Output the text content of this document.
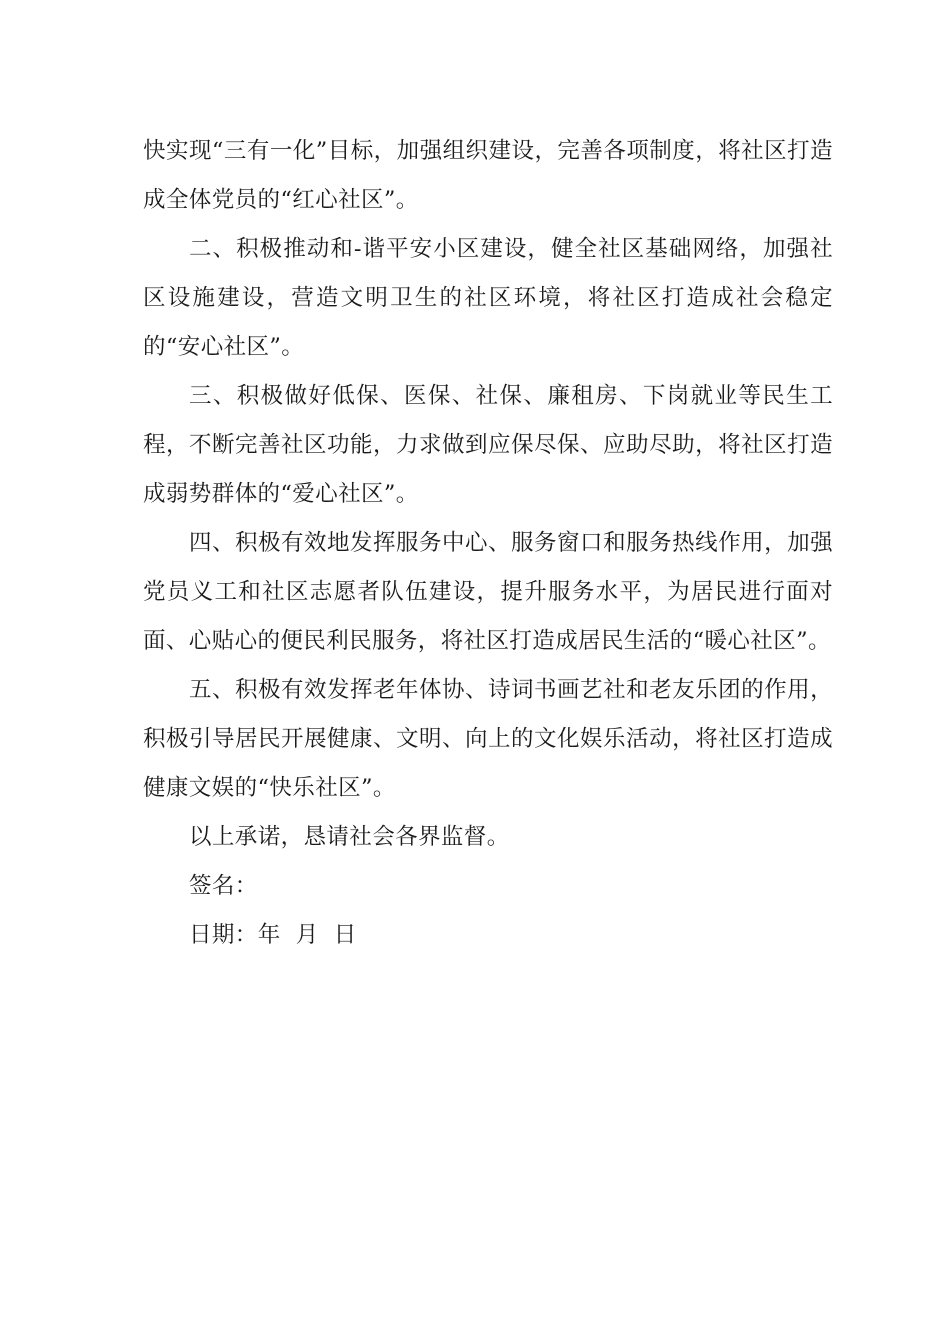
快实现“三有一化”目标，加强组织建设，完善各项制度，将社区打造成全体党员的“红心社区”。

二、积极推动和-谐平安小区建设，健全社区基础网络，加强社区设施建设，营造文明卫生的社区环境，将社区打造成社会稳定的“安心社区”。

三、积极做好低保、医保、社保、廉租房、下岗就业等民生工程，不断完善社区功能，力求做到应保尽保、应助尽助，将社区打造成弱势群体的“爱心社区”。

四、积极有效地发挥服务中心、服务窗口和服务热线作用，加强党员义工和社区志愿者队伍建设，提升服务水平，为居民进行面对面、心贴心的便民利民服务，将社区打造成居民生活的“暖心社区”。

五、积极有效发挥老年体协、诗词书画艺社和老友乐团的作用，积极引导居民开展健康、文明、向上的文化娱乐活动，将社区打造成健康文娱的“快乐社区”。

以上承诺，恳请社会各界监督。

签名：

日期：年  月  日
